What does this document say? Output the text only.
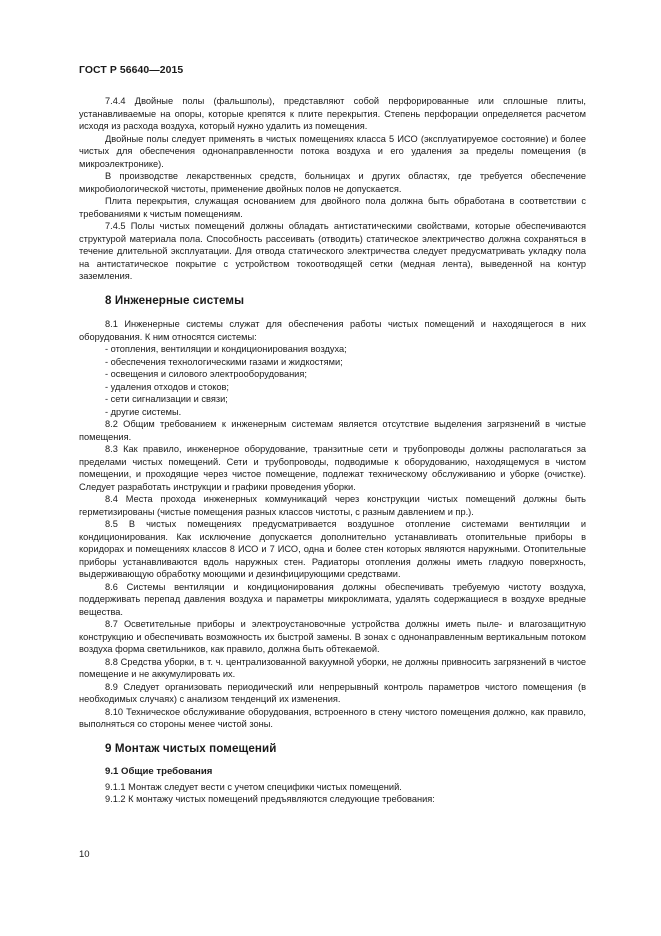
ГОСТ Р 56640—2015

7.4.4 Двойные полы (фальшполы), представляют собой перфорированные или сплошные плиты, устанавливаемые на опоры, которые крепятся к плите перекрытия. Степень перфорации определяется расчетом исходя из расхода воздуха, который нужно удалить из помещения.

Двойные полы следует применять в чистых помещениях класса 5 ИСО (эксплуатируемое состояние) и более чистых для обеспечения однонаправленности потока воздуха и его удаления за пределы помещения (в микроэлектронике).

В производстве лекарственных средств, больницах и других областях, где требуется обеспечение микробиологической чистоты, применение двойных полов не допускается.

Плита перекрытия, служащая основанием для двойного пола должна быть обработана в соответствии с требованиями к чистым помещениям.

7.4.5 Полы чистых помещений должны обладать антистатическими свойствами, которые обеспечиваются структурой материала пола. Способность рассеивать (отводить) статическое электричество должна сохраняться в течение длительной эксплуатации. Для отвода статического электричества следует предусматривать укладку пола на антистатическое покрытие с устройством токоотводящей сетки (медная лента), выведенной на контур заземления.

8 Инженерные системы

8.1 Инженерные системы служат для обеспечения работы чистых помещений и находящегося в них оборудования. К ним относятся системы:

- отопления, вентиляции и кондиционирования воздуха;

- обеспечения технологическими газами и жидкостями;

- освещения и силового электрооборудования;

- удаления отходов и стоков;

- сети сигнализации и связи;

- другие системы.

8.2 Общим требованием к инженерным системам является отсутствие выделения загрязнений в чистые помещения.

8.3 Как правило, инженерное оборудование, транзитные сети и трубопроводы должны располагаться за пределами чистых помещений. Сети и трубопроводы, подводимые к оборудованию, находящемуся в чистом помещении, и проходящие через чистое помещение, подлежат техническому обслуживанию и уборке (очистке). Следует разработать инструкции и графики проведения уборки.

8.4 Места прохода инженерных коммуникаций через конструкции чистых помещений должны быть герметизированы (чистые помещения разных классов чистоты, с разным давлением и пр.).

8.5 В чистых помещениях предусматривается воздушное отопление системами вентиляции и кондиционирования. Как исключение допускается дополнительно устанавливать отопительные приборы в коридорах и помещениях классов 8 ИСО и 7 ИСО, одна и более стен которых являются наружными. Отопительные приборы устанавливаются вдоль наружных стен. Радиаторы отопления должны иметь гладкую поверхность, выдерживающую обработку моющими и дезинфицирующими средствами.

8.6 Системы вентиляции и кондиционирования должны обеспечивать требуемую чистоту воздуха, поддерживать перепад давления воздуха и параметры микроклимата, удалять содержащиеся в воздухе вредные вещества.

8.7 Осветительные приборы и электроустановочные устройства должны иметь пыле- и влагозащитную конструкцию и обеспечивать возможность их быстрой замены. В зонах с однонаправленным вертикальным потоком воздуха форма светильников, как правило, должна быть обтекаемой.

8.8 Средства уборки, в т. ч. централизованной вакуумной уборки, не должны привносить загрязнений в чистое помещение и не аккумулировать их.

8.9 Следует организовать периодический или непрерывный контроль параметров чистого помещения (в необходимых случаях) с анализом тенденций их изменения.

8.10 Техническое обслуживание оборудования, встроенного в стену чистого помещения должно, как правило, выполняться со стороны менее чистой зоны.

9 Монтаж чистых помещений
9.1 Общие требования

9.1.1 Монтаж следует вести с учетом специфики чистых помещений.

9.1.2 К монтажу чистых помещений предъявляются следующие требования:

10
